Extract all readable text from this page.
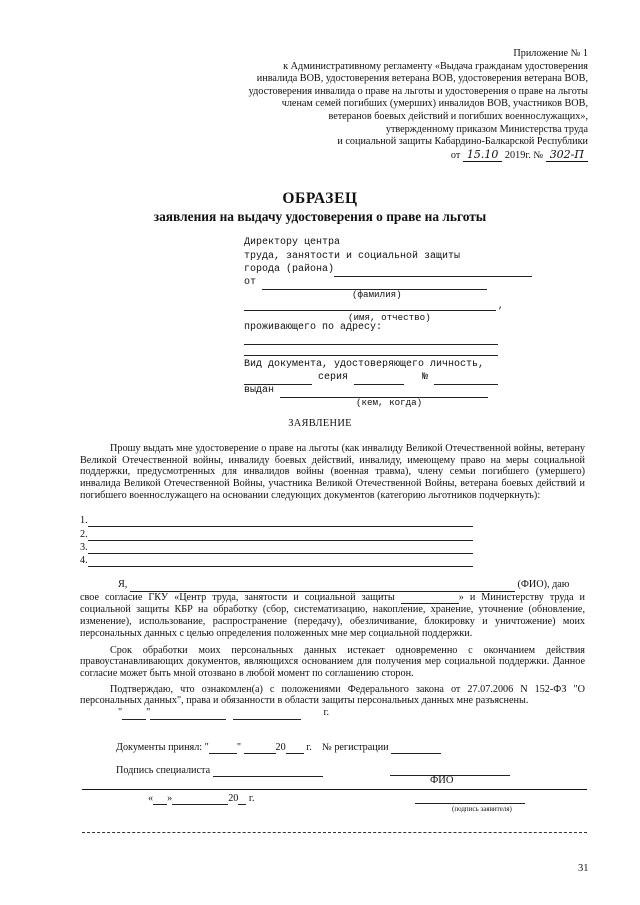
Приложение № 1
к Административному регламенту «Выдача гражданам удостоверения
инвалида ВОВ, удостоверения ветерана ВОВ, удостоверения ветерана ВОВ,
удостоверения инвалида о праве на льготы и удостоверения о праве на льготы
членам семей погибших (умерших) инвалидов ВОВ, участников ВОВ,
ветеранов боевых действий и погибших военнослужащих»,
утвержденному приказом Министерства труда
и социальной защиты Кабардино-Балкарской Республики
от 15.10 2019г. № 302-П
ОБРАЗЕЦ
заявления на выдачу удостоверения о праве на льготы
Директору центра
труда, занятости и социальной защиты
города (района)
от
(фамилия)
,
(имя, отчество)
проживающего по адресу:
Вид документа, удостоверяющего личность,
серия	№
выдан
(кем, когда)
ЗАЯВЛЕНИЕ

Прошу выдать мне удостоверение о праве на льготы (как инвалиду Великой Отечественной войны, ветерану Великой Отечественной войны, инвалиду боевых действий, инвалиду, имеющему право на меры социальной поддержки, предусмотренных для инвалидов войны (военная травма), члену семьи погибшего (умершего) инвалида Великой Отечественной Войны, участника Великой Отечественной Войны, ветерана боевых действий и погибшего военнослужащего на основании следующих документов (категорию льготников подчеркнуть):

1.
2.
3.
4.

Я,	(ФИО), даю

свое согласие ГКУ «Центр труда, занятости и социальной защиты	» и Министерству труда и социальной защиты КБР на обработку (сбор, систематизацию, накопление, хранение, уточнение (обновление, изменение), использование, распространение (передачу), обезличивание, блокировку и уничтожение) моих персональных данных с целью определения положенных мне мер социальной поддержки.

Срок обработки моих персональных данных истекает одновременно с окончанием действия правоустанавливающих документов, являющихся основанием для получения мер социальной поддержки. Данное согласие может быть мной отозвано в любой момент по соглашению сторон.

Подтверждаю, что ознакомлен(а) с положениями Федерального закона от 27.07.2006 N 152-ФЗ "О персональных данных", права и обязанности в области защиты персональных данных мне разъяснены.

" "	г.

Документы принял: "	"	20 г. № регистрации
Подпись специалиста
ФИО
« »	20 г.
(подпись заявителя)
31
